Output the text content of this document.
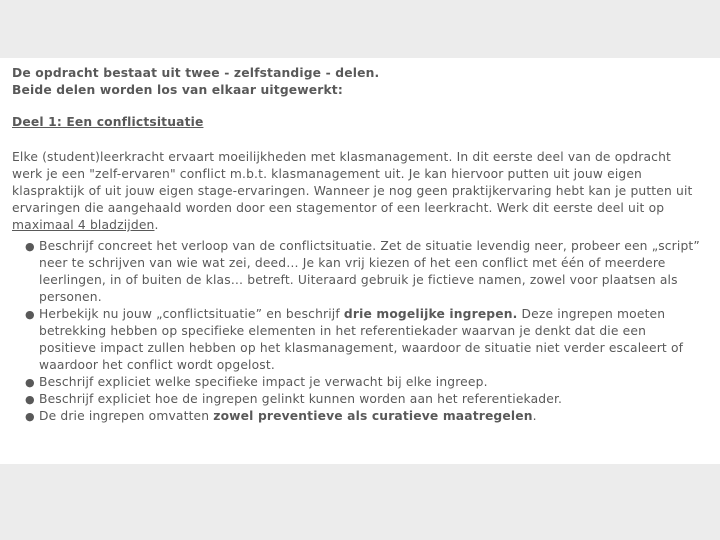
De opdracht bestaat uit twee - zelfstandige - delen.
Beide delen worden los van elkaar uitgewerkt:

Deel 1: Een conflictsituatie

Elke (student)leerkracht ervaart moeilijkheden met klasmanagement. In dit eerste deel van de opdracht werk je een "zelf-ervaren" conflict m.b.t. klasmanagement uit. Je kan hiervoor putten uit jouw eigen klaspraktijk of uit jouw eigen stage-ervaringen. Wanneer je nog geen praktijkervaring hebt kan je putten uit ervaringen die aangehaald worden door een stagementor of een leerkracht. Werk dit eerste deel uit op maximaal 4 bladzijden.

● Beschrijf concreet het verloop van de conflictsituatie. Zet de situatie levendig neer, probeer een „script” neer te schrijven van wie wat zei, deed… Je kan vrij kiezen of het een conflict met één of meerdere leerlingen, in of buiten de klas… betreft. Uiteraard gebruik je fictieve namen, zowel voor plaatsen als personen.
● Herbekijk nu jouw „conflictsituatie” en beschrijf drie mogelijke ingrepen. Deze ingrepen moeten betrekking hebben op specifieke elementen in het referentiekader waarvan je denkt dat die een positieve impact zullen hebben op het klasmanagement, waardoor de situatie niet verder escaleert of waardoor het conflict wordt opgelost.
● Beschrijf expliciet welke specifieke impact je verwacht bij elke ingreep.
● Beschrijf expliciet hoe de ingrepen gelinkt kunnen worden aan het referentiekader.
● De drie ingrepen omvatten zowel preventieve als curatieve maatregelen.
